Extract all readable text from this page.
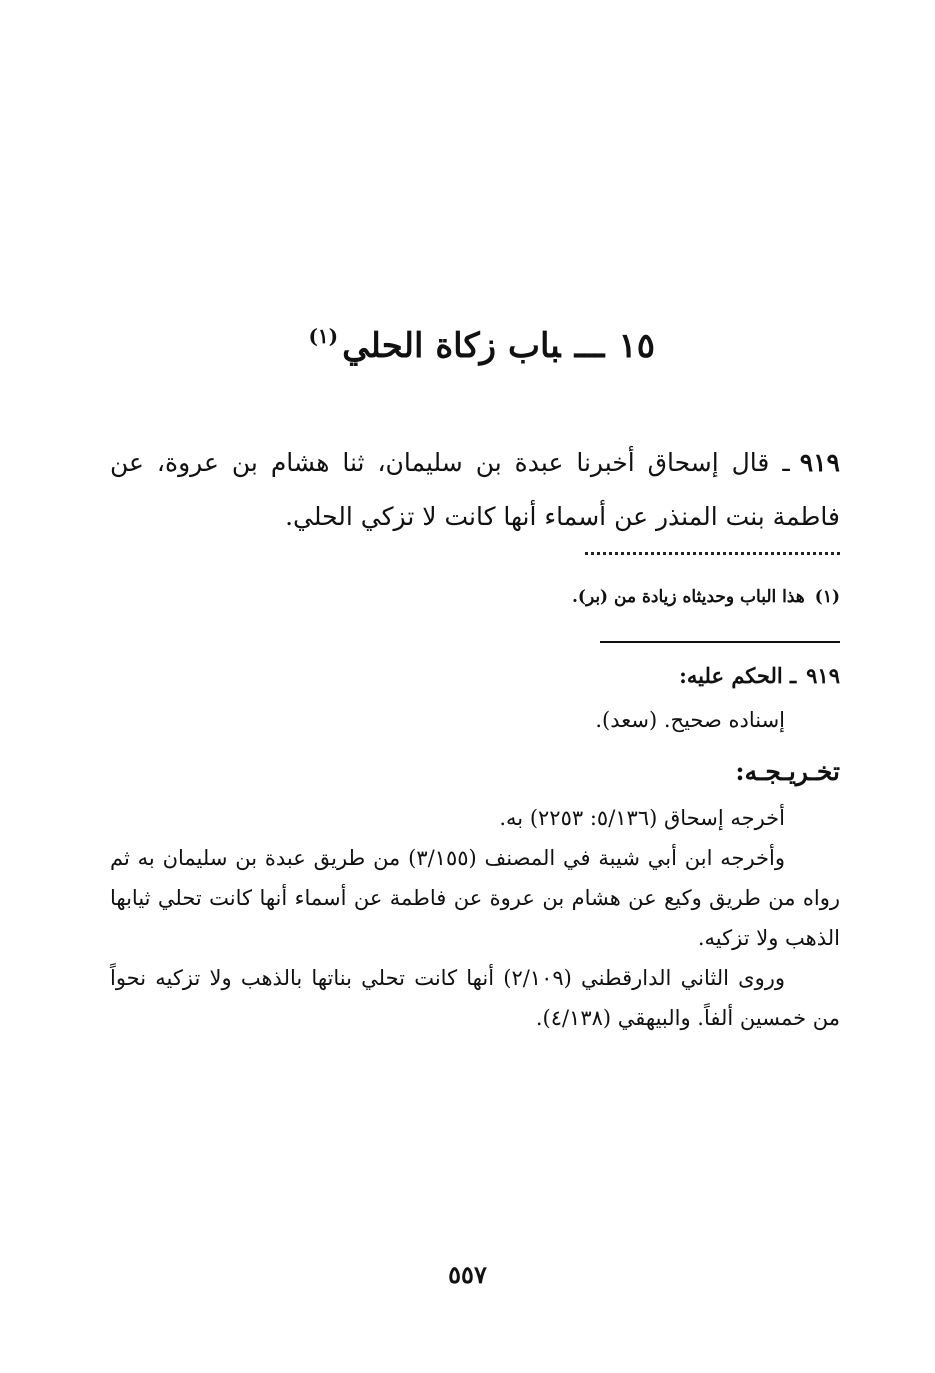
١٥ـــباب زكاة الحلي$^{(١)}$
٩١٩ـ قال إسحاق أخبرنا عبدة بن سليمان، ثنا هشام بن عروة، عن فاطمة بنت المنذر عن أسماء أنها كانت لا تزكي الحلي.
(١)هذا الباب وحديثاه زيادة من (بر).
٩١٩ـ الحكم عليه:
إسناده صحيح. (سعد).
تخـريـجـه:

أخرجه إسحاق (٥/١٣٦: ٢٢٥٣) به.

وأخرجه ابن أبي شيبة في المصنف (٣/١٥٥) من طريق عبدة بن سليمان به ثم رواه من طريق وكيع عن هشام بن عروة عن فاطمة عن أسماء أنها كانت تحلي ثيابها الذهب ولا تزكيه.

وروى الثاني الدارقطني (٢/١٠٩) أنها كانت تحلي بناتها بالذهب ولا تزكيه نحواً من خمسين ألفاً. والبيهقي (٤/١٣٨).

٥٥٧
